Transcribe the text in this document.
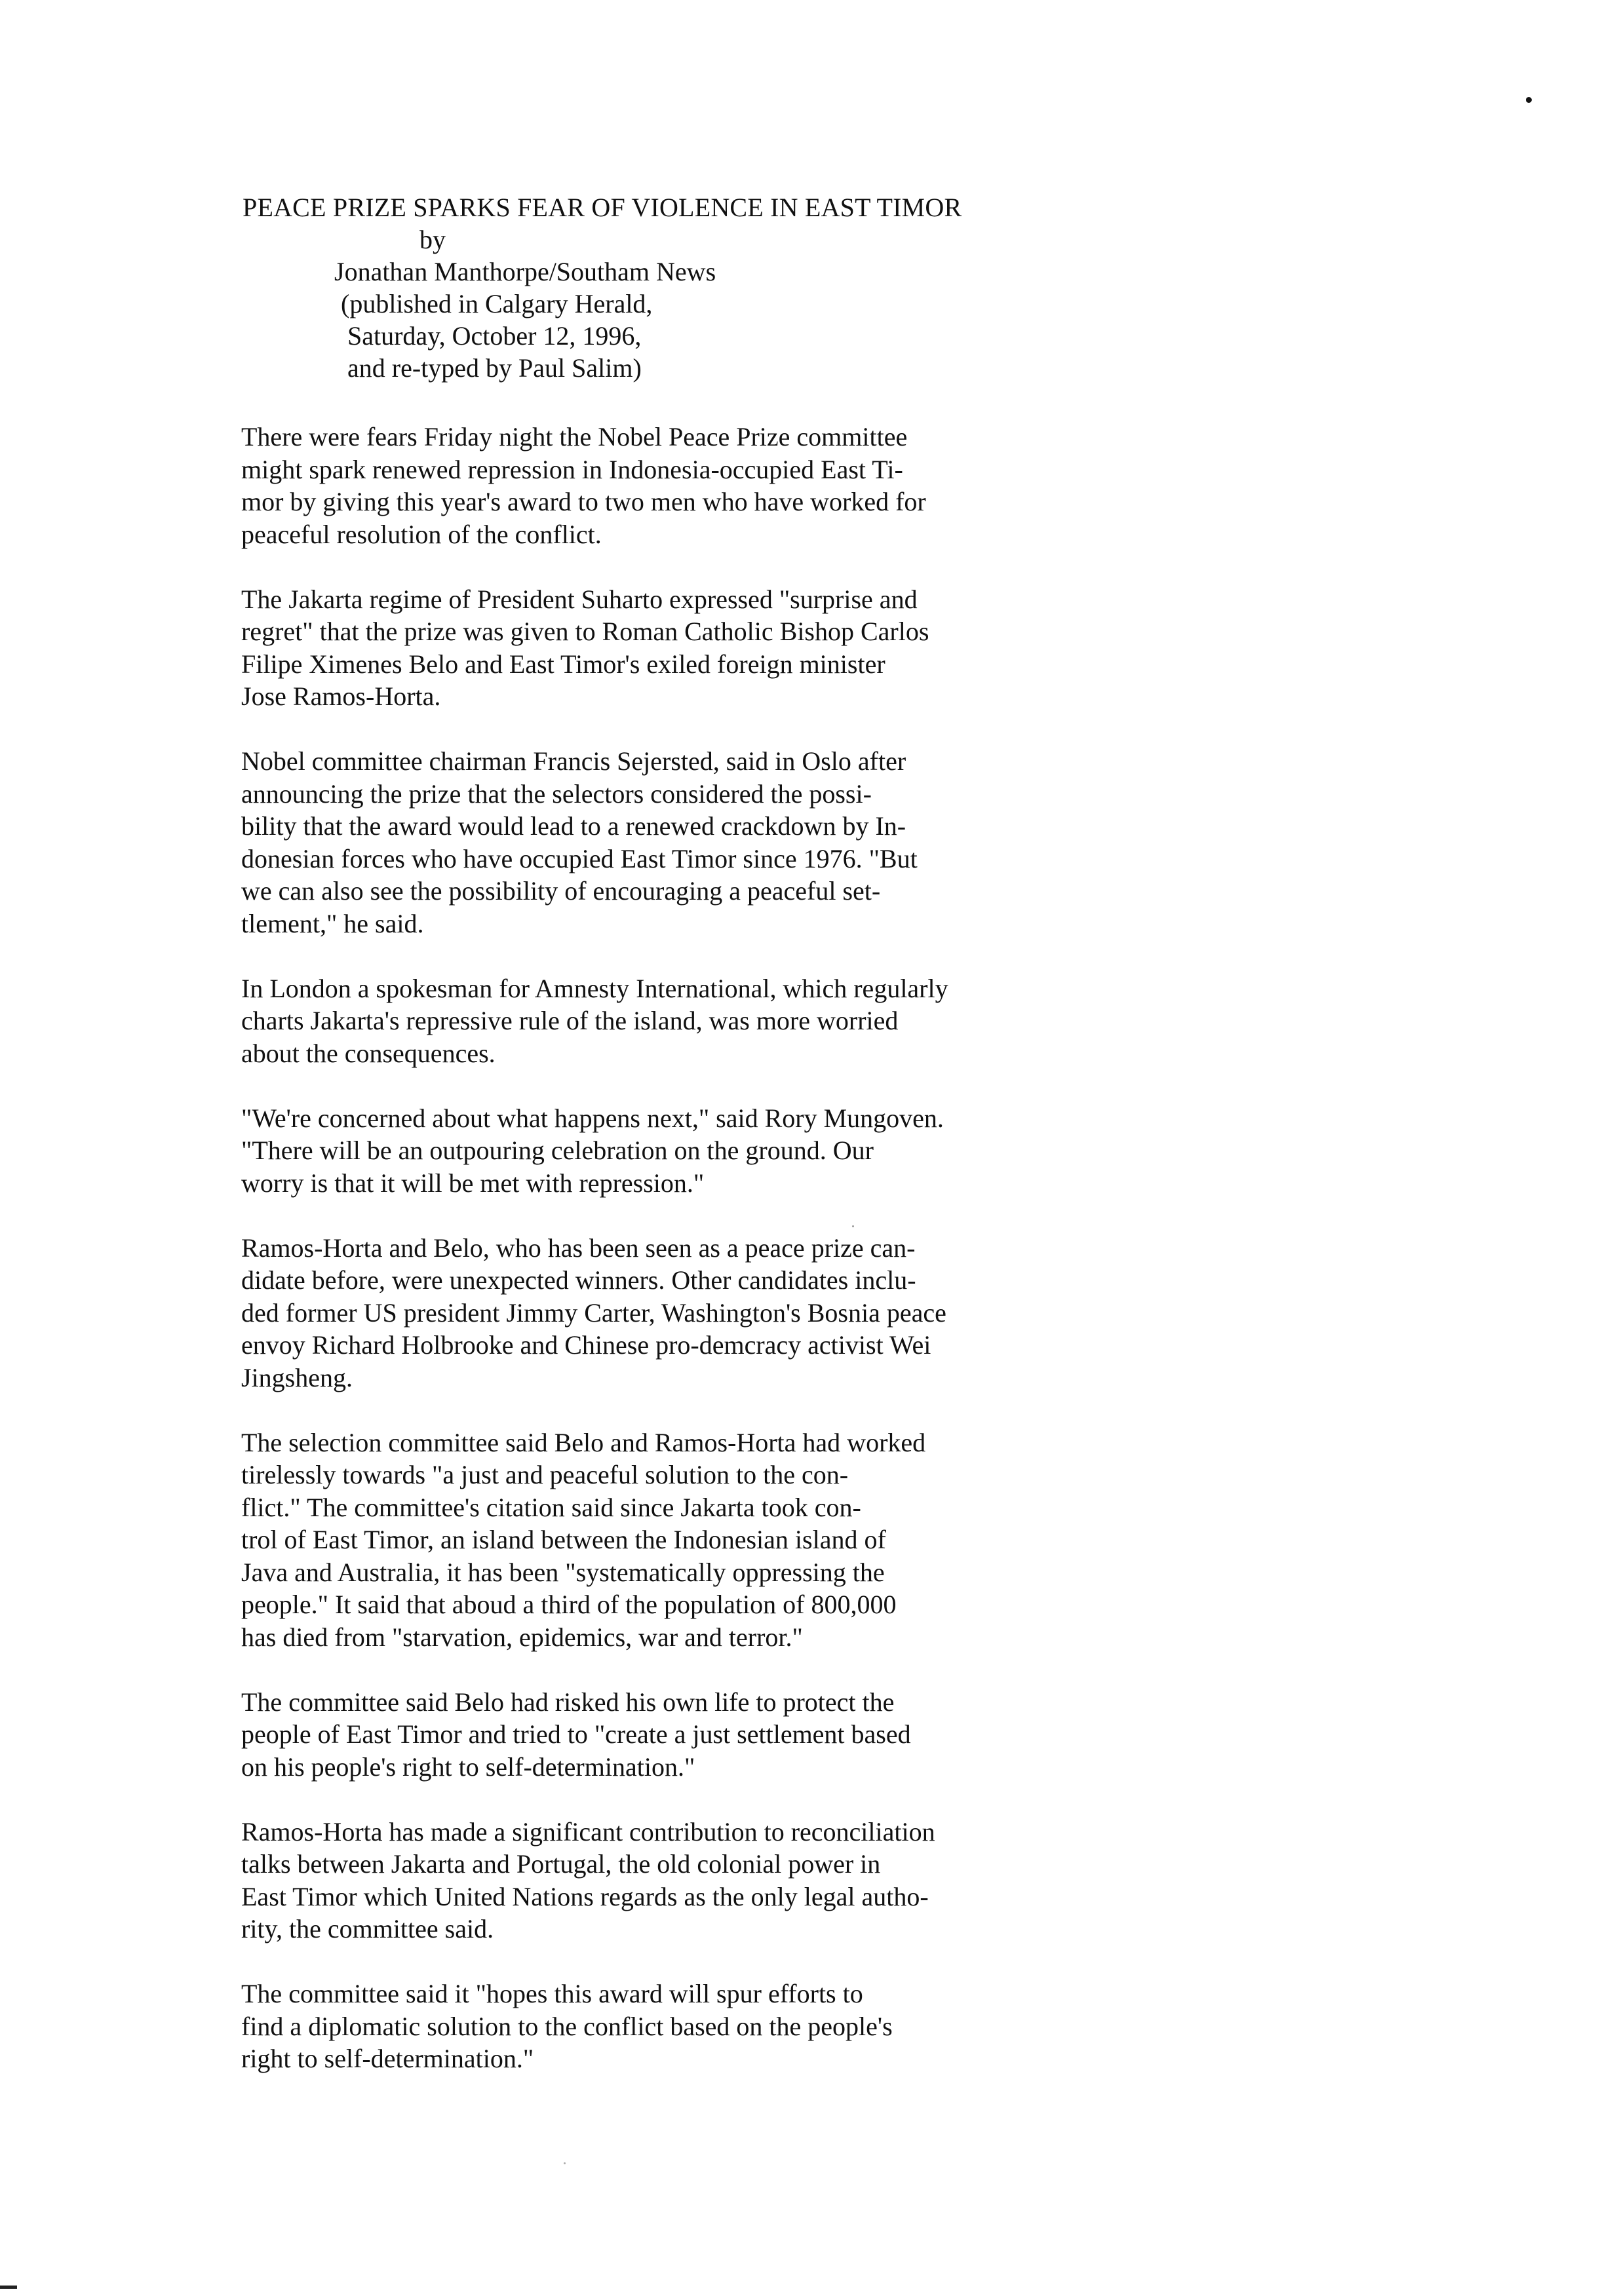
PEACE PRIZE SPARKS FEAR OF VIOLENCE IN EAST TIMOR
by
Jonathan Manthorpe/Southam News
(published in Calgary Herald,
Saturday, October 12, 1996,
and re-typed by Paul Salim)
There were fears Friday night the Nobel Peace Prize committee
might spark renewed repression in Indonesia-occupied East Ti-
mor by giving this year's award to two men who have worked for
peaceful resolution of the conflict.
The Jakarta regime of President Suharto expressed "surprise and
regret" that the prize was given to Roman Catholic Bishop Carlos
Filipe Ximenes Belo and East Timor's exiled foreign minister
Jose Ramos-Horta.
Nobel committee chairman Francis Sejersted, said in Oslo after
announcing the prize that the selectors considered the possi-
bility that the award would lead to a renewed crackdown by In-
donesian forces who have occupied East Timor since 1976. "But
we can also see the possibility of encouraging a peaceful set-
tlement," he said.
In London a spokesman for Amnesty International, which regularly
charts Jakarta's repressive rule of the island, was more worried
about the consequences.
"We're concerned about what happens next," said Rory Mungoven.
"There will be an outpouring celebration on the ground. Our
worry is that it will be met with repression."
Ramos-Horta and Belo, who has been seen as a peace prize can-
didate before, were unexpected winners. Other candidates inclu-
ded former US president Jimmy Carter, Washington's Bosnia peace
envoy Richard Holbrooke and Chinese pro-demcracy activist Wei
Jingsheng.
The selection committee said Belo and Ramos-Horta had worked
tirelessly towards "a just and peaceful solution to the con-
flict." The committee's citation said since Jakarta took con-
trol of East Timor, an island between the Indonesian island of
Java and Australia, it has been "systematically oppressing the
people." It said that aboud a third of the population of 800,000
has died from "starvation, epidemics, war and terror."
The committee said Belo had risked his own life to protect the
people of East Timor and tried to "create a just settlement based
on his people's right to self-determination."
Ramos-Horta has made a significant contribution to reconciliation
talks between Jakarta and Portugal, the old colonial power in
East Timor which United Nations regards as the only legal autho-
rity, the committee said.
The committee said it "hopes this award will spur efforts to
find a diplomatic solution to the conflict based on the people's
right to self-determination."
